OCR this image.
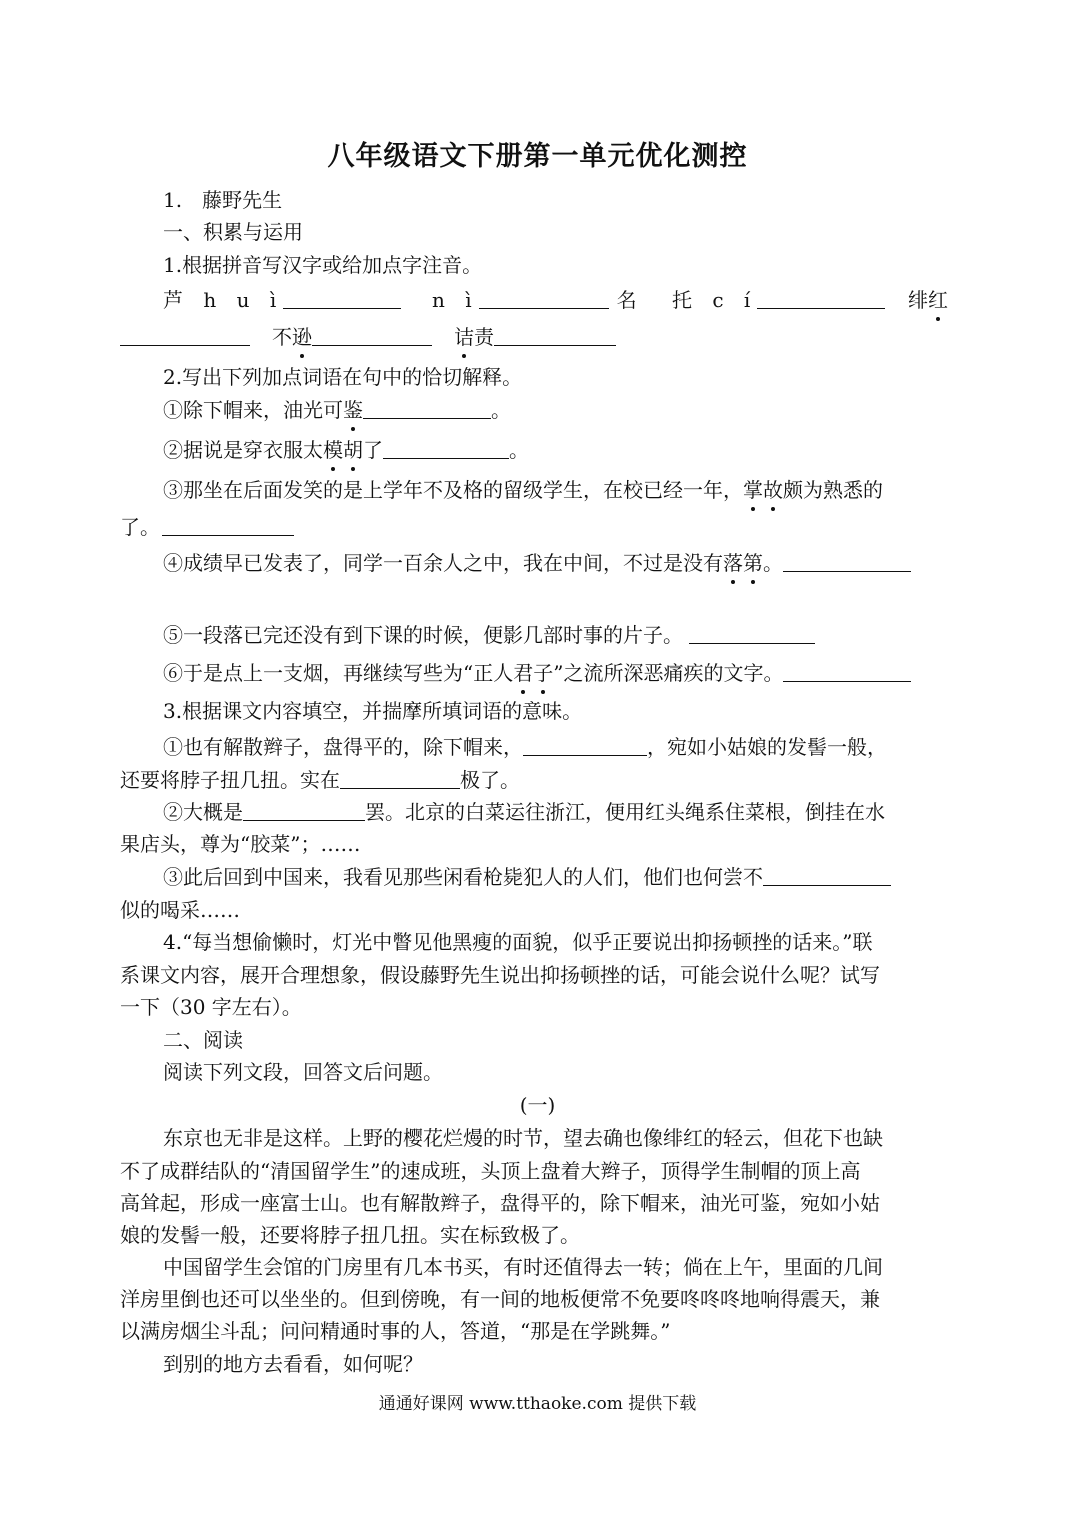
八年级语文下册第一单元优化测控
1.　藤野先生
一、积累与运用
1.根据拼音写汉字或给加点字注音。
芦 h u ì	n ì	名 托 c í	绯红
不逊	诘责
2.写出下列加点词语在句中的恰切解释。
①除下帽来，油光可鉴	。
②据说是穿衣服太模胡了	。
③那坐在后面发笑的是上学年不及格的留级学生，在校已经一年，掌故颇为熟悉的
了。
④成绩早已发表了，同学一百余人之中，我在中间，不过是没有落第。
⑤一段落已完还没有到下课的时候，便影几部时事的片子。
⑥于是点上一支烟，再继续写些为“正人君子”之流所深恶痛疾的文字。
3.根据课文内容填空，并揣摩所填词语的意味。
①也有解散辫子，盘得平的，除下帽来，	，宛如小姑娘的发髻一般，
还要将脖子扭几扭。实在	极了。
②大概是	罢。北京的白菜运往浙江，便用红头绳系住菜根，倒挂在水
果店头，尊为“胶菜”；……
③此后回到中国来，我看见那些闲看枪毙犯人的人们，他们也何尝不
似的喝采……
4.“每当想偷懒时，灯光中瞥见他黑瘦的面貌，似乎正要说出抑扬顿挫的话来。”联
系课文内容，展开合理想象，假设藤野先生说出抑扬顿挫的话，可能会说什么呢？试写
一下（30 字左右）。
二、阅读
阅读下列文段，回答文后问题。
(一)
东京也无非是这样。上野的樱花烂熳的时节，望去确也像绯红的轻云，但花下也缺
不了成群结队的“清国留学生”的速成班，头顶上盘着大辫子，顶得学生制帽的顶上高
高耸起，形成一座富士山。也有解散辫子，盘得平的，除下帽来，油光可鉴，宛如小姑
娘的发髻一般，还要将脖子扭几扭。实在标致极了。
中国留学生会馆的门房里有几本书买，有时还值得去一转；倘在上午，里面的几间
洋房里倒也还可以坐坐的。但到傍晚，有一间的地板便常不免要咚咚咚地响得震天，兼
以满房烟尘斗乱；问问精通时事的人，答道，“那是在学跳舞。”
到别的地方去看看，如何呢？
通通好课网 www.tthaoke.com 提供下载
